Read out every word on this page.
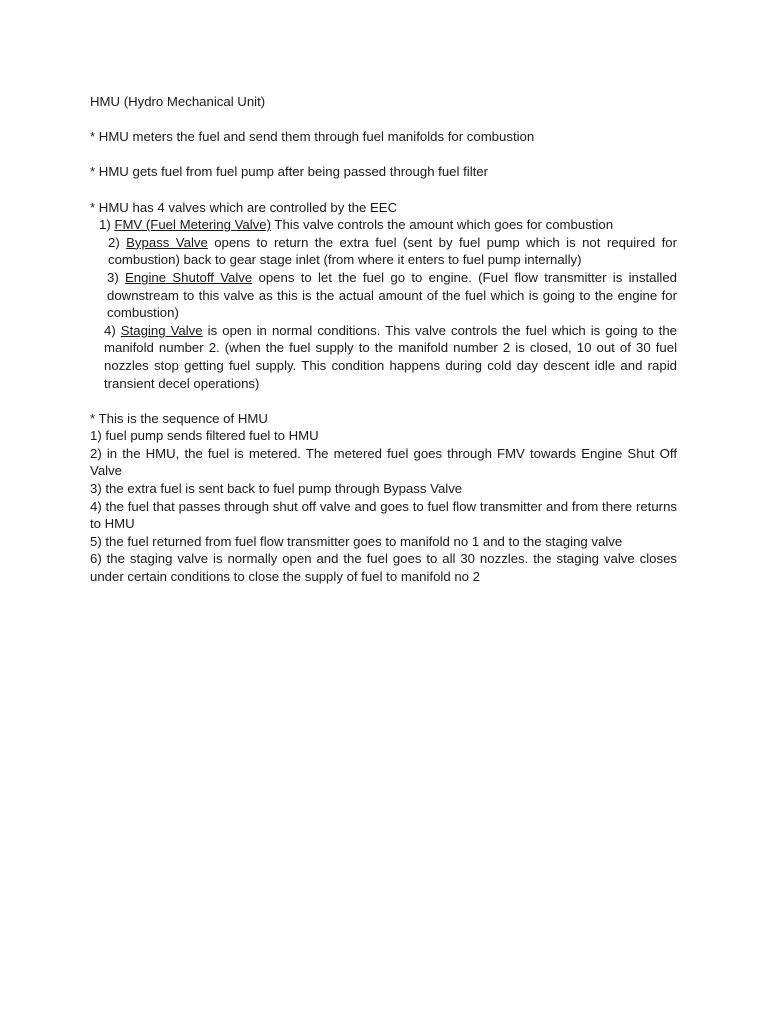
HMU (Hydro Mechanical Unit)

* HMU meters the fuel and send them through fuel manifolds for combustion

* HMU gets fuel from fuel pump after being passed through fuel filter

* HMU has 4 valves which are controlled by the EEC

1) FMV (Fuel Metering Valve) This valve controls the amount which goes for combustion

2) Bypass Valve opens to return the extra fuel (sent by fuel pump which is not required for combustion) back to gear stage inlet (from where it enters to fuel pump internally)

3) Engine Shutoff Valve opens to let the fuel go to engine. (Fuel flow transmitter is installed downstream to this valve as this is the actual amount of the fuel which is going to the engine for combustion)

4) Staging Valve is open in normal conditions. This valve controls the fuel which is going to the manifold number 2. (when the fuel supply to the manifold number 2 is closed, 10 out of 30 fuel nozzles stop getting fuel supply. This condition happens during cold day descent idle and rapid transient decel operations)

* This is the sequence of HMU

1) fuel pump sends filtered fuel to HMU

2) in the HMU, the fuel is metered. The metered fuel goes through FMV towards Engine Shut Off Valve

3) the extra fuel is sent back to fuel pump through Bypass Valve

4) the fuel that passes through shut off valve and goes to fuel flow transmitter and from there returns to HMU

5) the fuel returned from fuel flow transmitter goes to manifold no 1 and to the staging valve

6) the staging valve is normally open and the fuel goes to all 30 nozzles. the staging valve closes under certain conditions to close the supply of fuel to manifold no 2
